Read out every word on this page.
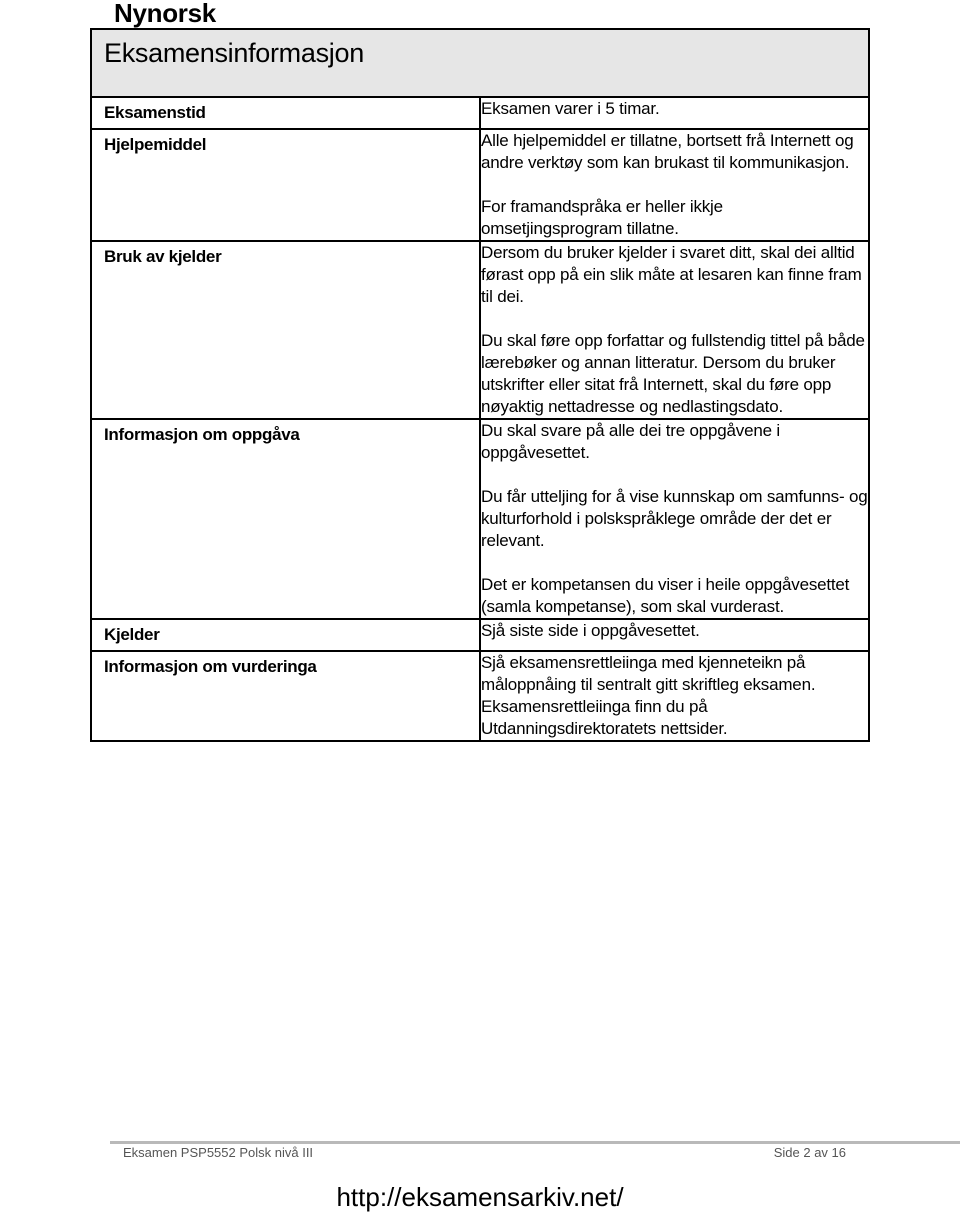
Nynorsk
Eksamensinformasjon	

Eksamenstid	Eksamen varer i 5 timar.

Hjelpemiddel	Alle hjelpemiddel er tillatne, bortsett frå Internett og andre verktøy som kan brukast til kommunikasjon.

For framandspråka er heller ikkje omsetjingsprogram tillatne.

Bruk av kjelder	Dersom du bruker kjelder i svaret ditt, skal dei alltid førast opp på ein slik måte at lesaren kan finne fram til dei.

Du skal føre opp forfattar og fullstendig tittel på både lærebøker og annan litteratur. Dersom du bruker utskrifter eller sitat frå Internett, skal du føre opp nøyaktig nettadresse og nedlastingsdato.

Informasjon om oppgåva	Du skal svare på alle dei tre oppgåvene i oppgåvesettet.

Du får utteljing for å vise kunnskap om samfunns- og kulturforhold i polskspråklege område der det er relevant.

Det er kompetansen du viser i heile oppgåvesettet (samla kompetanse), som skal vurderast.

Kjelder	Sjå siste side i oppgåvesettet.

Informasjon om vurderinga	Sjå eksamensrettleiinga med kjenneteikn på måloppnåing til sentralt gitt skriftleg eksamen. Eksamensrettleiinga finn du på Utdanningsdirektoratets nettsider.

Eksamen PSP5552 Polsk nivå III	Side 2 av 16
http://eksamensarkiv.net/
